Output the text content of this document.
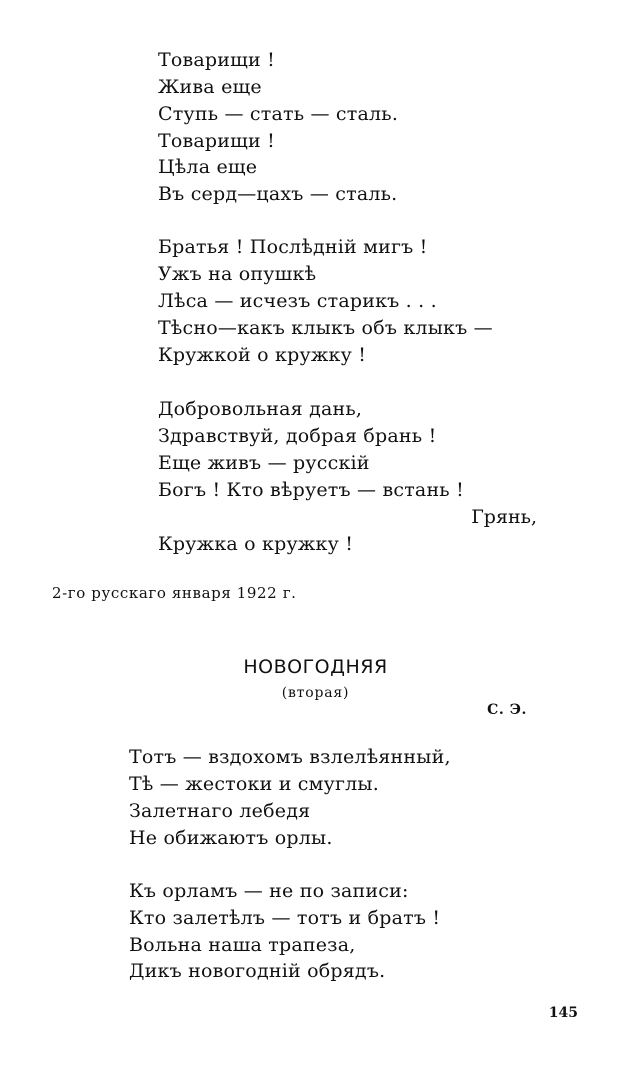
Товарищи !
Жива еще
Ступь — стать — сталь.
Товарищи !
Цѣла еще
Въ серд—цахъ — сталь.
Братья ! Послѣднiй мигъ !
Ужъ на опушкѣ
Лѣса — исчезъ старикъ . . .
Тѣсно—какъ клыкъ объ клыкъ —
Кружкой о кружку !
Добровольная дань,
Здравствуй, добрая брань !
Еще живъ — русскiй
Богъ ! Кто вѣруетъ — встань !
Грянь,
Кружка о кружку !
2-го русскаго января 1922 г.
НОВОГОДНЯЯ
(вторая)
С. Э.
Тотъ — вздохомъ взлелѣянный,
Тѣ — жестоки и смуглы.
Залетнаго лебедя
Не обижаютъ орлы.
Къ орламъ — не по записи:
Кто залетѣлъ — тотъ и братъ !
Вольна наша трапеза,
Дикъ новогоднiй обрядъ.
145
